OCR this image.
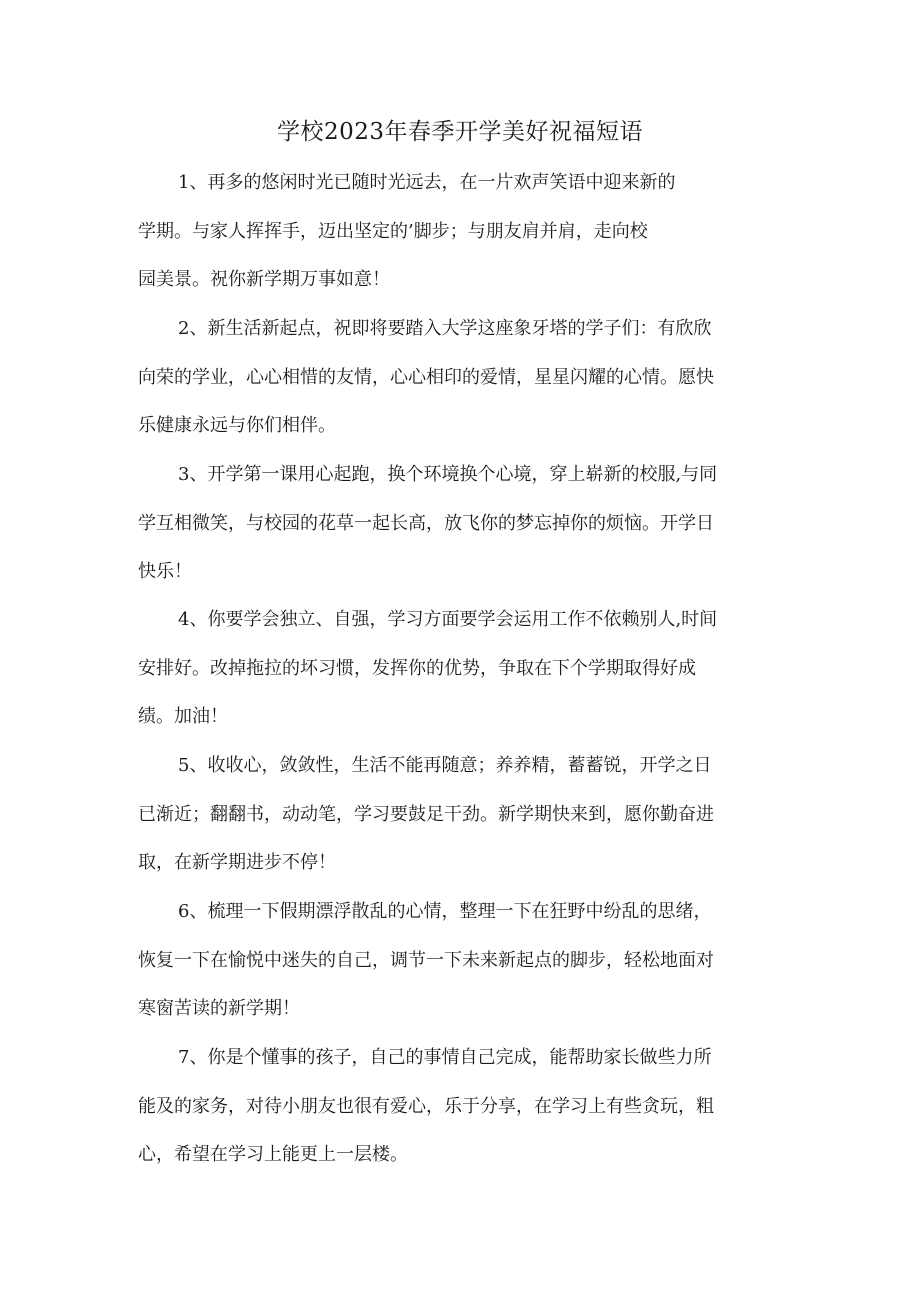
学校2023年春季开学美好祝福短语
1、再多的悠闲时光已随时光远去，在一片欢声笑语中迎来新的
学期。与家人挥挥手，迈出坚定的’脚步；与朋友肩并肩，走向校
园美景。祝你新学期万事如意！
2、新生活新起点，祝即将要踏入大学这座象牙塔的学子们：有欣欣
向荣的学业，心心相惜的友情，心心相印的爱情，星星闪耀的心情。愿快
乐健康永远与你们相伴。
3、开学第一课用心起跑，换个环境换个心境，穿上崭新的校服,与同
学互相微笑，与校园的花草一起长高，放飞你的梦忘掉你的烦恼。开学日
快乐！
4、你要学会独立、自强，学习方面要学会运用工作不依赖别人,时间
安排好。改掉拖拉的坏习惯，发挥你的优势，争取在下个学期取得好成
绩。加油！
5、收收心，敛敛性，生活不能再随意；养养精，蓄蓄锐，开学之日
已渐近；翻翻书，动动笔，学习要鼓足干劲。新学期快来到，愿你勤奋进
取，在新学期进步不停！
6、梳理一下假期漂浮散乱的心情，整理一下在狂野中纷乱的思绪，
恢复一下在愉悦中迷失的自己，调节一下未来新起点的脚步，轻松地面对
寒窗苦读的新学期！
7、你是个懂事的孩子，自己的事情自己完成，能帮助家长做些力所
能及的家务，对待小朋友也很有爱心，乐于分享，在学习上有些贪玩，粗
心，希望在学习上能更上一层楼。
